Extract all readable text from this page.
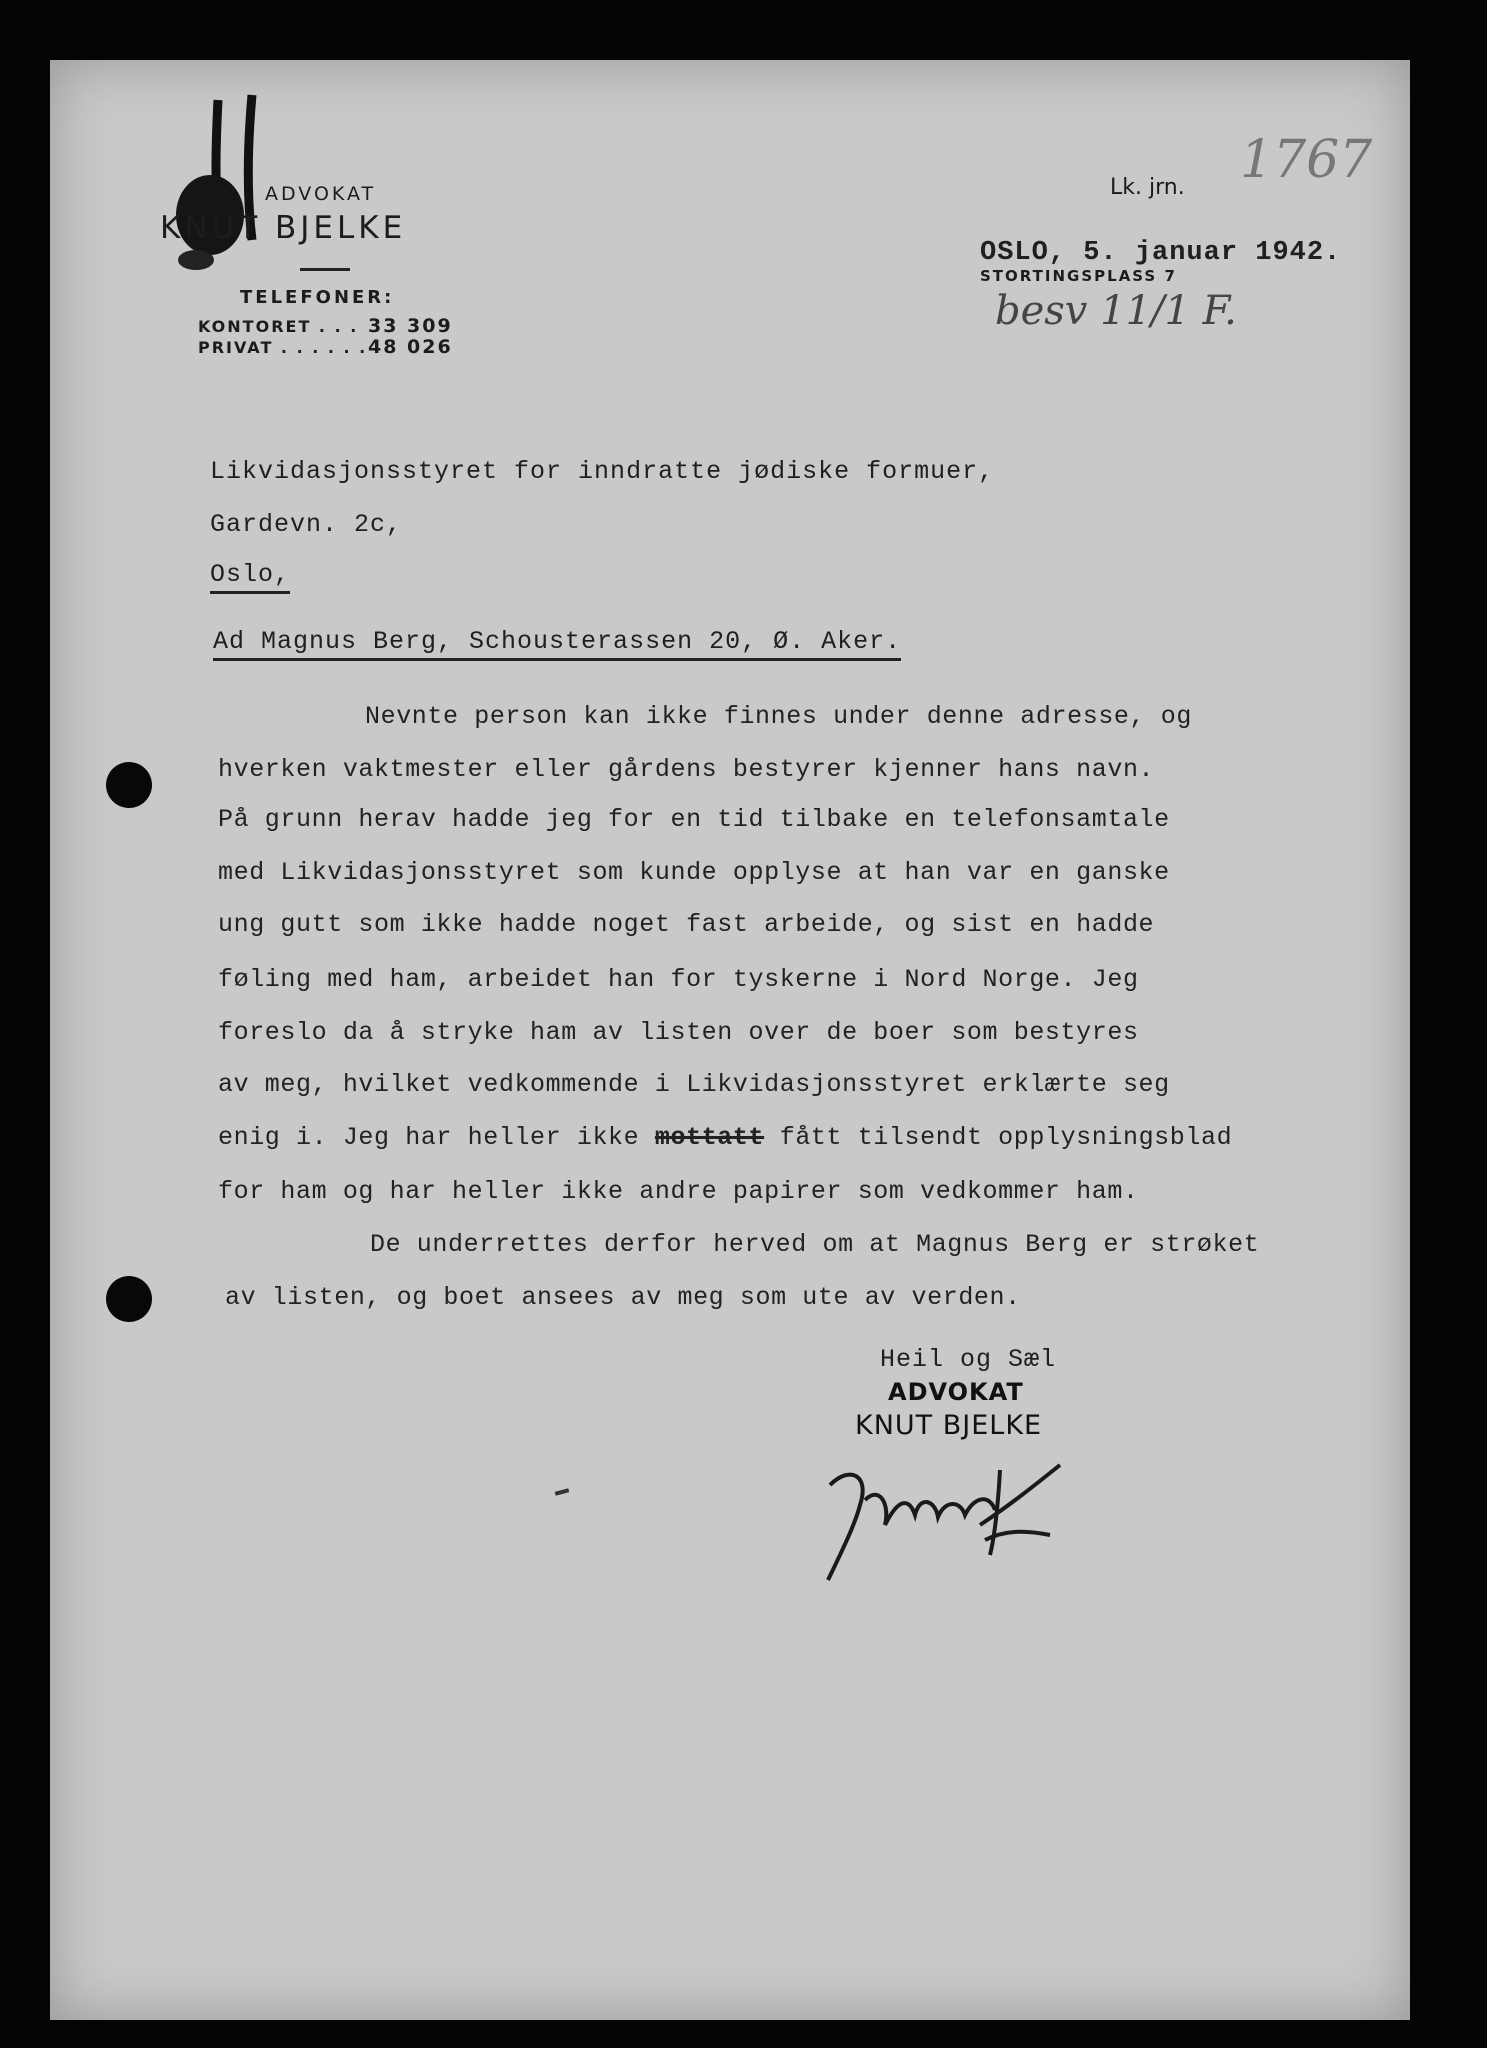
ADVOKAT
KNUT BJELKE
TELEFONER:
KONTORET . . . 33 309
PRIVAT . . . . . . 48 026
Lk. jrn. 1767
OSLO, 5. januar 1942.
STORTINGSPLASS 7
besv 11/1 F.
Likvidasjonsstyret for inndratte jødiske formuer,
Gardevn. 2c,
Oslo,
Ad Magnus Berg, Schousterassen 20, Ø. Aker.
Nevnte person kan ikke finnes under denne adresse, og
hverken vaktmester eller gårdens bestyrer kjenner hans navn.
På grunn herav hadde jeg for en tid tilbake en telefonsamtale
med Likvidasjonsstyret som kunde opplyse at han var en ganske
ung gutt som ikke hadde noget fast arbeide, og sist en hadde
føling med ham, arbeidet han for tyskerne i Nord Norge. Jeg
foreslo da å stryke ham av listen over de boer som bestyres
av meg, hvilket vedkommende i Likvidasjonsstyret erklærte seg
enig i. Jeg har heller ikke mottatt fått tilsendt opplysningsblad
for ham og har heller ikke andre papirer som vedkommer ham.
De underrettes derfor herved om at Magnus Berg er strøket
av listen, og boet ansees av meg som ute av verden.
Heil og Sæl
ADVOKAT
KNUT BJELKE
